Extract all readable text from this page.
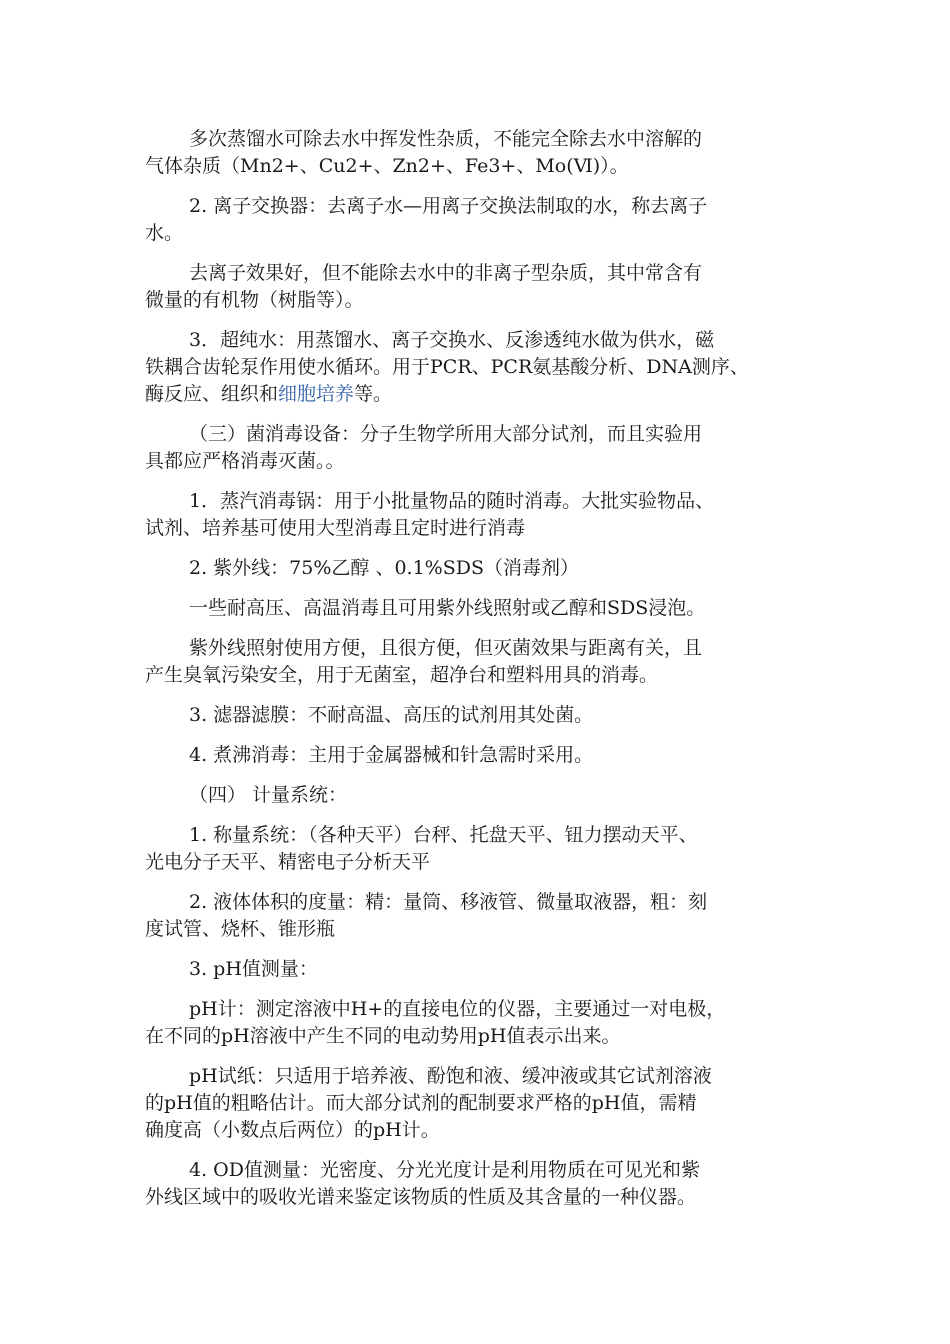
多次蒸馏水可除去水中挥发性杂质，不能完全除去水中溶解的
气体杂质（Mn2+、Cu2+、Zn2+、Fe3+、Mo(Ⅵ)）。

2. 离子交换器：去离子水—用离子交换法制取的水，称去离子
水。

去离子效果好，但不能除去水中的非离子型杂质，其中常含有
微量的有机物（树脂等）。

3．超纯水：用蒸馏水、离子交换水、反渗透纯水做为供水，磁
铁耦合齿轮泵作用使水循环。用于PCR、PCR氨基酸分析、DNA测序、
酶反应、组织和细胞培养等。

（三）菌消毒设备：分子生物学所用大部分试剂，而且实验用
具都应严格消毒灭菌。。

1．蒸汽消毒锅：用于小批量物品的随时消毒。大批实验物品、
试剂、培养基可使用大型消毒且定时进行消毒

2. 紫外线：75%乙醇 、0.1%SDS（消毒剂）

一些耐高压、高温消毒且可用紫外线照射或乙醇和SDS浸泡。

紫外线照射使用方便，且很方便，但灭菌效果与距离有关，且
产生臭氧污染安全，用于无菌室，超净台和塑料用具的消毒。

3. 滤器滤膜：不耐高温、高压的试剂用其处菌。

4. 煮沸消毒：主用于金属器械和针急需时采用。

（四） 计量系统：

1. 称量系统：（各种天平）台秤、托盘天平、钮力摆动天平、
光电分子天平、精密电子分析天平

2. 液体体积的度量：精：量筒、移液管、微量取液器，粗：刻
度试管、烧杯、锥形瓶

3. pH值测量：

pH计：测定溶液中H+的直接电位的仪器，主要通过一对电极，
在不同的pH溶液中产生不同的电动势用pH值表示出来。

pH试纸：只适用于培养液、酚饱和液、缓冲液或其它试剂溶液
的pH值的粗略估计。而大部分试剂的配制要求严格的pH值，需精
确度高（小数点后两位）的pH计。

4. OD值测量：光密度、分光光度计是利用物质在可见光和紫
外线区域中的吸收光谱来鉴定该物质的性质及其含量的一种仪器。
